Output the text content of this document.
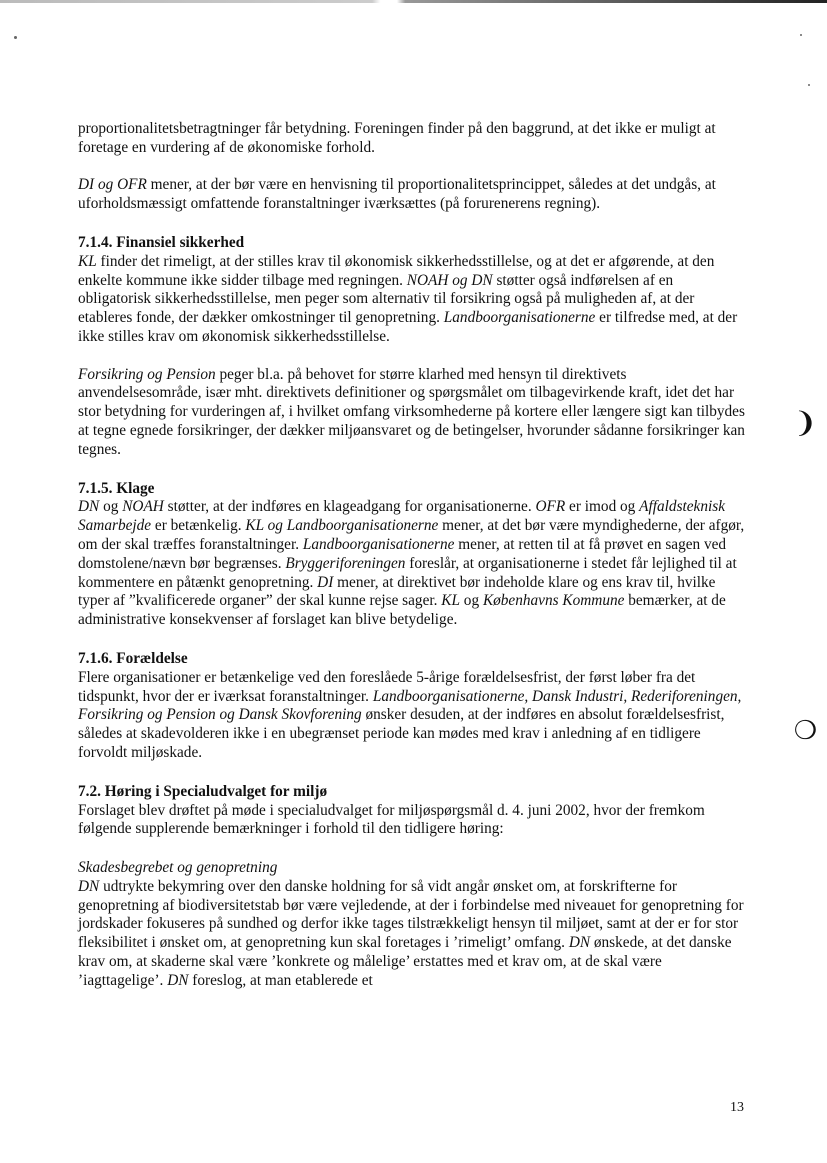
❩
❍

proportionalitetsbetragtninger får betydning. Foreningen finder på den baggrund, at det ikke er muligt at foretage en vurdering af de økonomiske forhold.

DI og OFR mener, at der bør være en henvisning til proportionalitetsprincippet, således at det undgås, at uforholdsmæssigt omfattende foranstaltninger iværksættes (på forurenerens regning).

7.1.4. Finansiel sikkerhed

KL finder det rimeligt, at der stilles krav til økonomisk sikkerhedsstillelse, og at det er afgørende, at den enkelte kommune ikke sidder tilbage med regningen. NOAH og DN støtter også indførelsen af en obligatorisk sikkerhedsstillelse, men peger som alternativ til forsikring også på muligheden af, at der etableres fonde, der dækker omkostninger til genopretning. Landboorganisationerne er tilfredse med, at der ikke stilles krav om økonomisk sikkerhedsstillelse.

Forsikring og Pension peger bl.a. på behovet for større klarhed med hensyn til direktivets anvendelsesområde, især mht. direktivets definitioner og spørgsmålet om tilbagevirkende kraft, idet det har stor betydning for vurderingen af, i hvilket omfang virksomhederne på kortere eller længere sigt kan tilbydes at tegne egnede forsikringer, der dækker miljøansvaret og de betingelser, hvorunder sådanne forsikringer kan tegnes.

7.1.5. Klage

DN og NOAH støtter, at der indføres en klageadgang for organisationerne. OFR er imod og Affaldsteknisk Samarbejde er betænkelig. KL og Landboorganisationerne mener, at det bør være myndighederne, der afgør, om der skal træffes foranstaltninger. Landboorganisationerne mener, at retten til at få prøvet en sagen ved domstolene/nævn bør begrænses. Bryggeriforeningen foreslår, at organisationerne i stedet får lejlighed til at kommentere en påtænkt genopretning. DI mener, at direktivet bør indeholde klare og ens krav til, hvilke typer af ”kvalificerede organer” der skal kunne rejse sager. KL og Københavns Kommune bemærker, at de administrative konsekvenser af forslaget kan blive betydelige.

7.1.6. Forældelse

Flere organisationer er betænkelige ved den foreslåede 5-årige forældelsesfrist, der først løber fra det tidspunkt, hvor der er iværksat foranstaltninger. Landboorganisationerne, Dansk Industri, Rederiforeningen, Forsikring og Pension og Dansk Skovforening ønsker desuden, at der indføres en absolut forældelsesfrist, således at skadevolderen ikke i en ubegrænset periode kan mødes med krav i anledning af en tidligere forvoldt miljøskade.

7.2. Høring i Specialudvalget for miljø

Forslaget blev drøftet på møde i specialudvalget for miljøspørgsmål d. 4. juni 2002, hvor der fremkom følgende supplerende bemærkninger i forhold til den tidligere høring:

Skadesbegrebet og genopretning

DN udtrykte bekymring over den danske holdning for så vidt angår ønsket om, at forskrifterne for genopretning af biodiversitetstab bør være vejledende, at der i forbindelse med niveauet for genopretning for jordskader fokuseres på sundhed og derfor ikke tages tilstrækkeligt hensyn til miljøet, samt at der er for stor fleksibilitet i ønsket om, at genopretning kun skal foretages i ’rimeligt’ omfang. DN ønskede, at det danske krav om, at skaderne skal være ’konkrete og målelige’ erstattes med et krav om, at de skal være ’iagttagelige’. DN foreslog, at man etablerede et

13
